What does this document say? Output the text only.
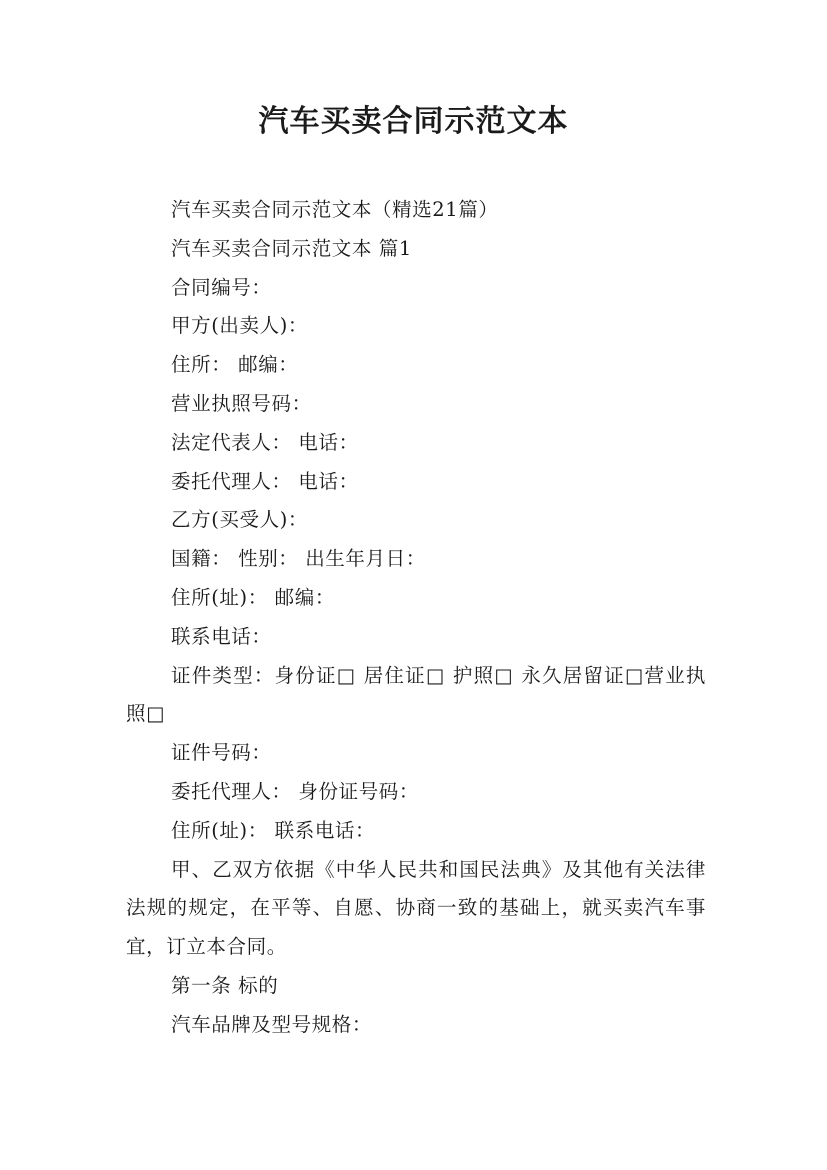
汽车买卖合同示范文本

汽车买卖合同示范文本（精选21篇）

汽车买卖合同示范文本 篇1

合同编号：

甲方(出卖人)：

住所： 邮编：

营业执照号码：

法定代表人： 电话：

委托代理人： 电话：

乙方(买受人)：

国籍： 性别： 出生年月日：

住所(址)： 邮编：

联系电话：

证件类型：身份证□ 居住证□ 护照□ 永久居留证□营业执照□

证件号码：

委托代理人： 身份证号码：

住所(址)： 联系电话：

甲、乙双方依据《中华人民共和国民法典》及其他有关法律法规的规定，在平等、自愿、协商一致的基础上，就买卖汽车事宜，订立本合同。

第一条 标的

汽车品牌及型号规格：
